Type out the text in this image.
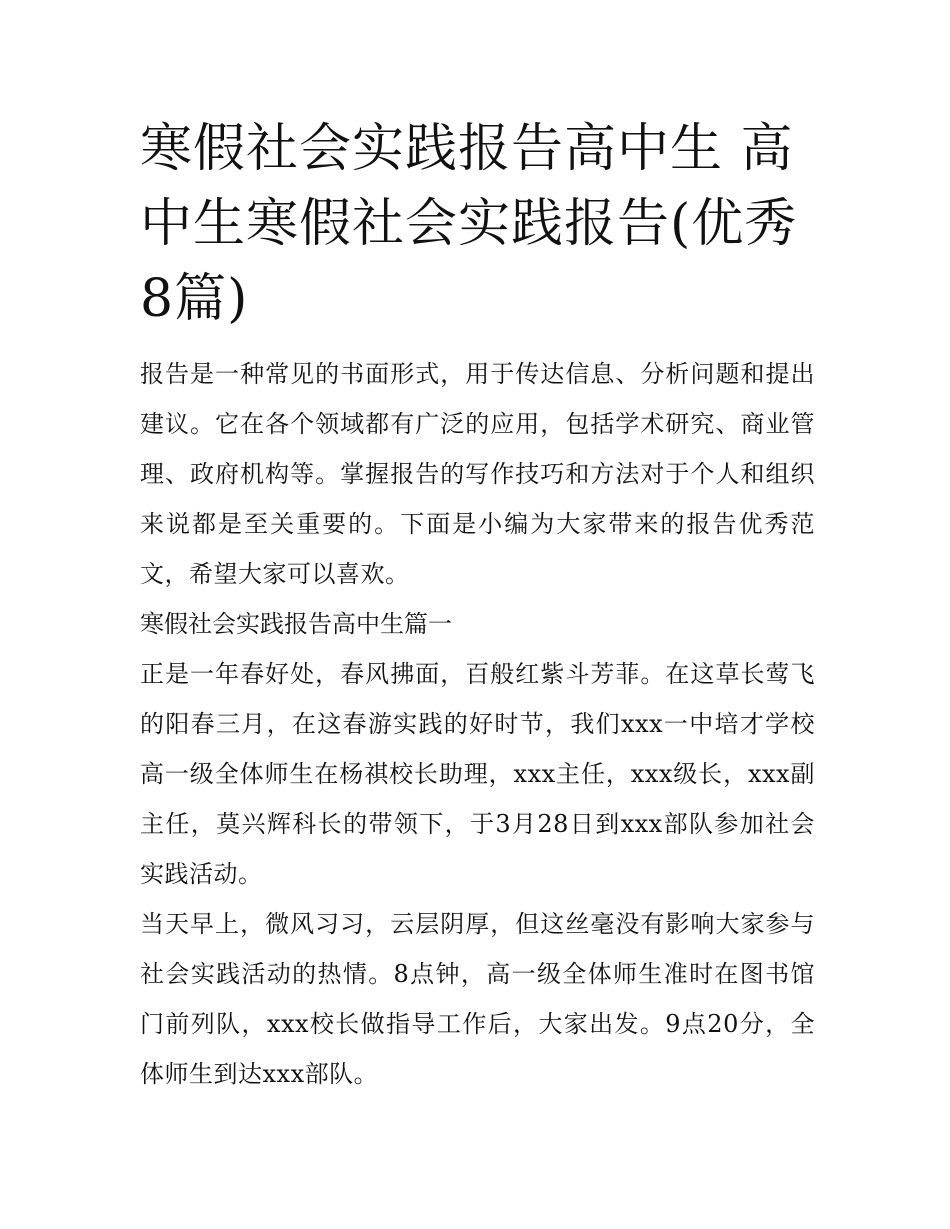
寒假社会实践报告高中生 高中生寒假社会实践报告(优秀8篇)

报告是一种常见的书面形式，用于传达信息、分析问题和提出建议。它在各个领域都有广泛的应用，包括学术研究、商业管理、政府机构等。掌握报告的写作技巧和方法对于个人和组织来说都是至关重要的。下面是小编为大家带来的报告优秀范文，希望大家可以喜欢。

寒假社会实践报告高中生篇一

正是一年春好处，春风拂面，百般红紫斗芳菲。在这草长莺飞的阳春三月，在这春游实践的好时节，我们xxx一中培才学校高一级全体师生在杨祺校长助理，xxx主任，xxx级长，xxx副主任，莫兴辉科长的带领下，于3月28日到xxx部队参加社会实践活动。

当天早上，微风习习，云层阴厚，但这丝毫没有影响大家参与社会实践活动的热情。8点钟，高一级全体师生准时在图书馆门前列队，xxx校长做指导工作后，大家出发。9点20分，全体师生到达xxx部队。
